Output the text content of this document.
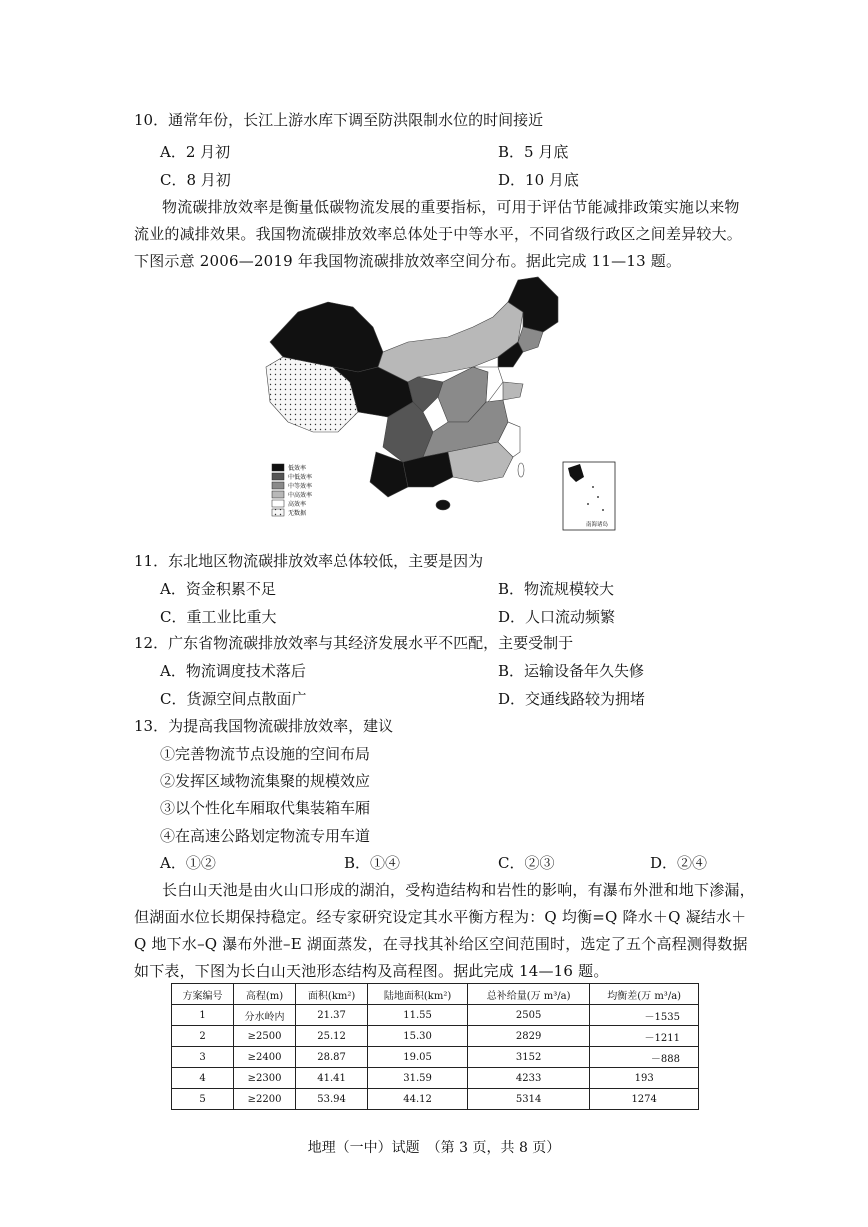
10．通常年份，长江上游水库下调至防洪限制水位的时间接近
A．2 月初	B．5 月底
C．8 月初	D．10 月底
物流碳排放效率是衡量低碳物流发展的重要指标，可用于评估节能减排政策实施以来物
流业的减排效果。我国物流碳排放效率总体处于中等水平，不同省级行政区之间差异较大。
下图示意 2006—2019 年我国物流碳排放效率空间分布。据此完成 11—13 题。
低效率
中低效率
中等效率
中高效率
高效率
无数据
南海诸岛
11．东北地区物流碳排放效率总体较低，主要是因为
A．资金积累不足	B．物流规模较大
C．重工业比重大	D．人口流动频繁
12．广东省物流碳排放效率与其经济发展水平不匹配，主要受制于
A．物流调度技术落后	B．运输设备年久失修
C．货源空间点散面广	D．交通线路较为拥堵
13．为提高我国物流碳排放效率，建议
①完善物流节点设施的空间布局
②发挥区域物流集聚的规模效应
③以个性化车厢取代集装箱车厢
④在高速公路划定物流专用车道
A．①②	B．①④	C．②③	D．②④
长白山天池是由火山口形成的湖泊，受构造结构和岩性的影响，有瀑布外泄和地下渗漏，
但湖面水位长期保持稳定。经专家研究设定其水平衡方程为：Q 均衡=Q 降水＋Q 凝结水＋
Q 地下水–Q 瀑布外泄–E 湖面蒸发，在寻找其补给区空间范围时，选定了五个高程测得数据
如下表，下图为长白山天池形态结构及高程图。据此完成 14—16 题。
方案编号	高程(m)	面积(km²)	陆地面积(km²)	总补给量(万 m³/a)	均衡差(万 m³/a)
1	分水岭内	21.37	11.55	2505	－1535
2	≥2500	25.12	15.30	2829	－1211
3	≥2400	28.87	19.05	3152	－888
4	≥2300	41.41	31.59	4233	193
5	≥2200	53.94	44.12	5314	1274
地理（一中）试题　（第 3 页，共 8 页）
